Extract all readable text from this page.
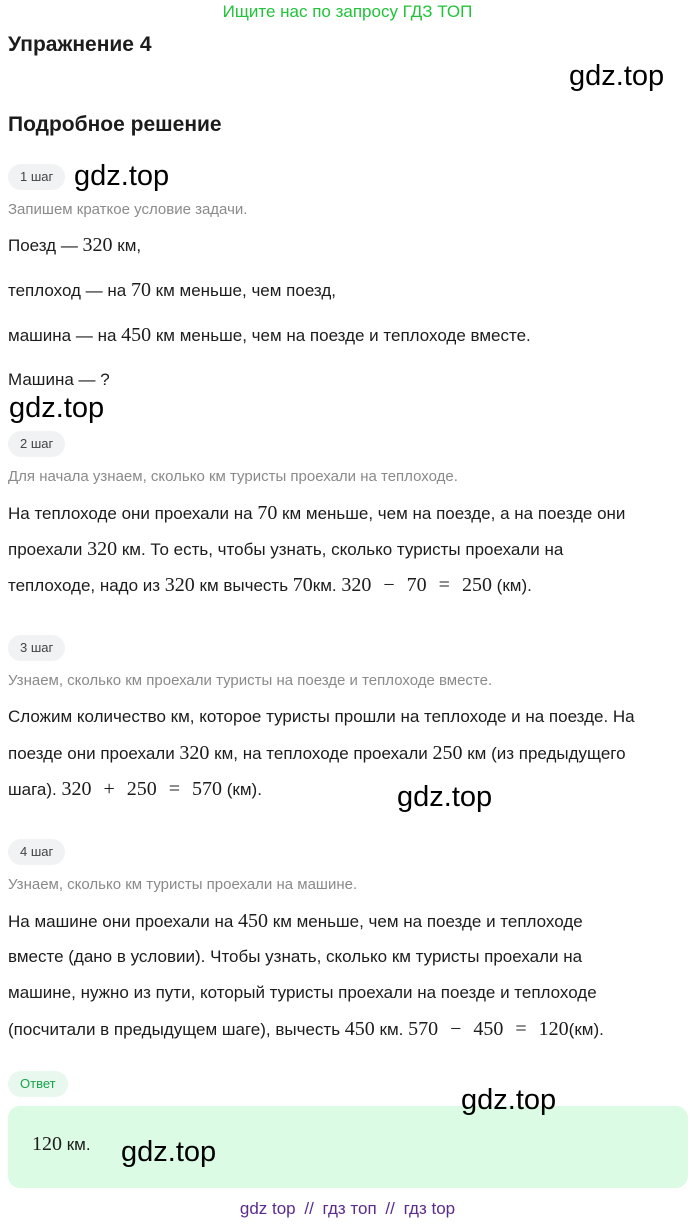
Ищите нас по запросу ГДЗ ТОП
Упражнение 4
gdz.top
Подробное решение
1 шаг gdz.top
Запишем краткое условие задачи.
Поезд — 320 км,
теплоход — на 70 км меньше, чем поезд,
машина — на 450 км меньше, чем на поезде и теплоходе вместе.
Машина — ?
gdz.top
2 шаг
Для начала узнаем, сколько км туристы проехали на теплоходе.
На теплоходе они проехали на 70 км меньше, чем на поезде, а на поезде они
проехали 320 км. То есть, чтобы узнать, сколько туристы проехали на
теплоходе, надо из 320 км вычесть 70км. 320 − 70 = 250 (км).
3 шаг
Узнаем, сколько км проехали туристы на поезде и теплоходе вместе.
Сложим количество км, которое туристы прошли на теплоходе и на поезде. На
поезде они проехали 320 км, на теплоходе проехали 250 км (из предыдущего
шага). 320 + 250 = 570 (км).	gdz.top
4 шаг
Узнаем, сколько км туристы проехали на машине.
На машине они проехали на 450 км меньше, чем на поезде и теплоходе
вместе (дано в условии). Чтобы узнать, сколько км туристы проехали на
машине, нужно из пути, который туристы проехали на поезде и теплоходе
(посчитали в предыдущем шаге), вычесть 450 км. 570 − 450 = 120(км).
Ответ
120 км.
gdz.top
gdz.top
gdz top // гдз топ // гдз top
